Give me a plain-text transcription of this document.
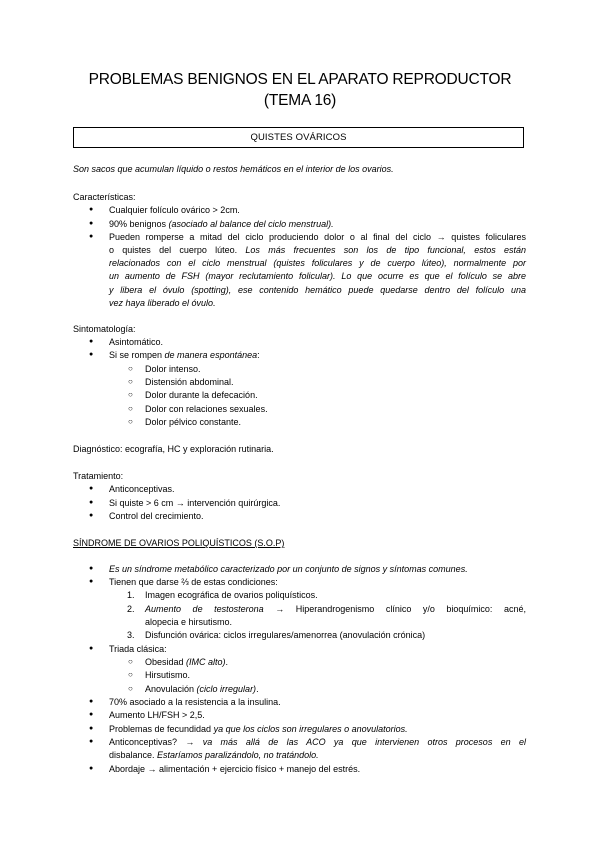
PROBLEMAS BENIGNOS EN EL APARATO REPRODUCTOR
(TEMA 16)
QUISTES OVÁRICOS
Son sacos que acumulan líquido o restos hemáticos en el interior de los ovarios.
Características:
● Cualquier folículo ovárico > 2cm.
● 90% benignos (asociado al balance del ciclo menstrual).
● Pueden romperse a mitad del ciclo produciendo dolor o al final del ciclo → quistes foliculares
o quistes del cuerpo lúteo. Los más frecuentes son los de tipo funcional, estos están
relacionados con el ciclo menstrual (quistes foliculares y de cuerpo lúteo), normalmente por
un aumento de FSH (mayor reclutamiento folicular). Lo que ocurre es que el folículo se abre
y libera el óvulo (spotting), ese contenido hemático puede quedarse dentro del folículo una
vez haya liberado el óvulo.
Sintomatología:
● Asintomático.
● Si se rompen de manera espontánea:
○ Dolor intenso.
○ Distensión abdominal.
○ Dolor durante la defecación.
○ Dolor con relaciones sexuales.
○ Dolor pélvico constante.
Diagnóstico: ecografía, HC y exploración rutinaria.
Tratamiento:
● Anticonceptivas.
● Si quiste > 6 cm → intervención quirúrgica.
● Control del crecimiento.
SÍNDROME DE OVARIOS POLIQUÍSTICOS (S.O.P)
● Es un síndrome metabólico caracterizado por un conjunto de signos y síntomas comunes.
● Tienen que darse ⅔ de estas condiciones:
1. Imagen ecográfica de ovarios poliquísticos.
2. Aumento de testosterona → Hiperandrogenismo clínico y/o bioquímico: acné,
alopecia e hirsutismo.
3. Disfunción ovárica: ciclos irregulares/amenorrea (anovulación crónica)
● Triada clásica:
○ Obesidad (IMC alto).
○ Hirsutismo.
○ Anovulación (ciclo irregular).
● 70% asociado a la resistencia a la insulina.
● Aumento LH/FSH > 2,5.
● Problemas de fecundidad ya que los ciclos son irregulares o anovulatorios.
● Anticonceptivas? → va más allá de las ACO ya que intervienen otros procesos en el
disbalance. Estaríamos paralizándolo, no tratándolo.
● Abordaje → alimentación + ejercicio físico + manejo del estrés.
